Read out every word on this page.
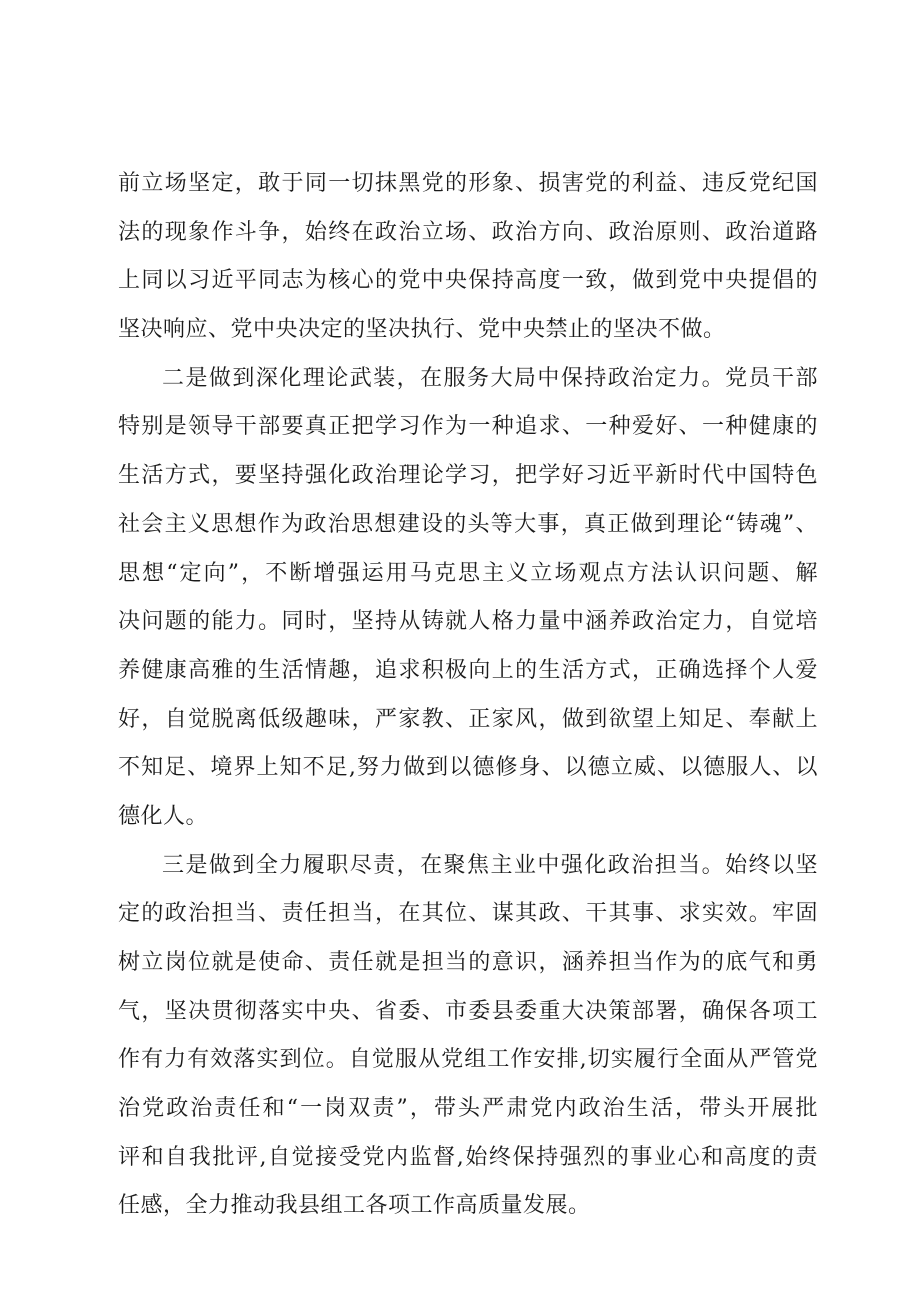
前立场坚定，敢于同一切抹黑党的形象、损害党的利益、违反党纪国
法的现象作斗争，始终在政治立场、政治方向、政治原则、政治道路
上同以习近平同志为核心的党中央保持高度一致，做到党中央提倡的
坚决响应、党中央决定的坚决执行、党中央禁止的坚决不做。
二是做到深化理论武装，在服务大局中保持政治定力。党员干部
特别是领导干部要真正把学习作为一种追求、一种爱好、一种健康的
生活方式，要坚持强化政治理论学习，把学好习近平新时代中国特色
社会主义思想作为政治思想建设的头等大事，真正做到理论“铸魂”、
思想“定向”，不断增强运用马克思主义立场观点方法认识问题、解
决问题的能力。同时，坚持从铸就人格力量中涵养政治定力，自觉培
养健康高雅的生活情趣，追求积极向上的生活方式，正确选择个人爱
好，自觉脱离低级趣味，严家教、正家风，做到欲望上知足、奉献上
不知足、境界上知不足,努力做到以德修身、以德立威、以德服人、以
德化人。
三是做到全力履职尽责，在聚焦主业中强化政治担当。始终以坚
定的政治担当、责任担当，在其位、谋其政、干其事、求实效。牢固
树立岗位就是使命、责任就是担当的意识，涵养担当作为的底气和勇
气，坚决贯彻落实中央、省委、市委县委重大决策部署，确保各项工
作有力有效落实到位。自觉服从党组工作安排,切实履行全面从严管党
治党政治责任和“一岗双责”，带头严肃党内政治生活，带头开展批
评和自我批评,自觉接受党内监督,始终保持强烈的事业心和高度的责
任感，全力推动我县组工各项工作高质量发展。
